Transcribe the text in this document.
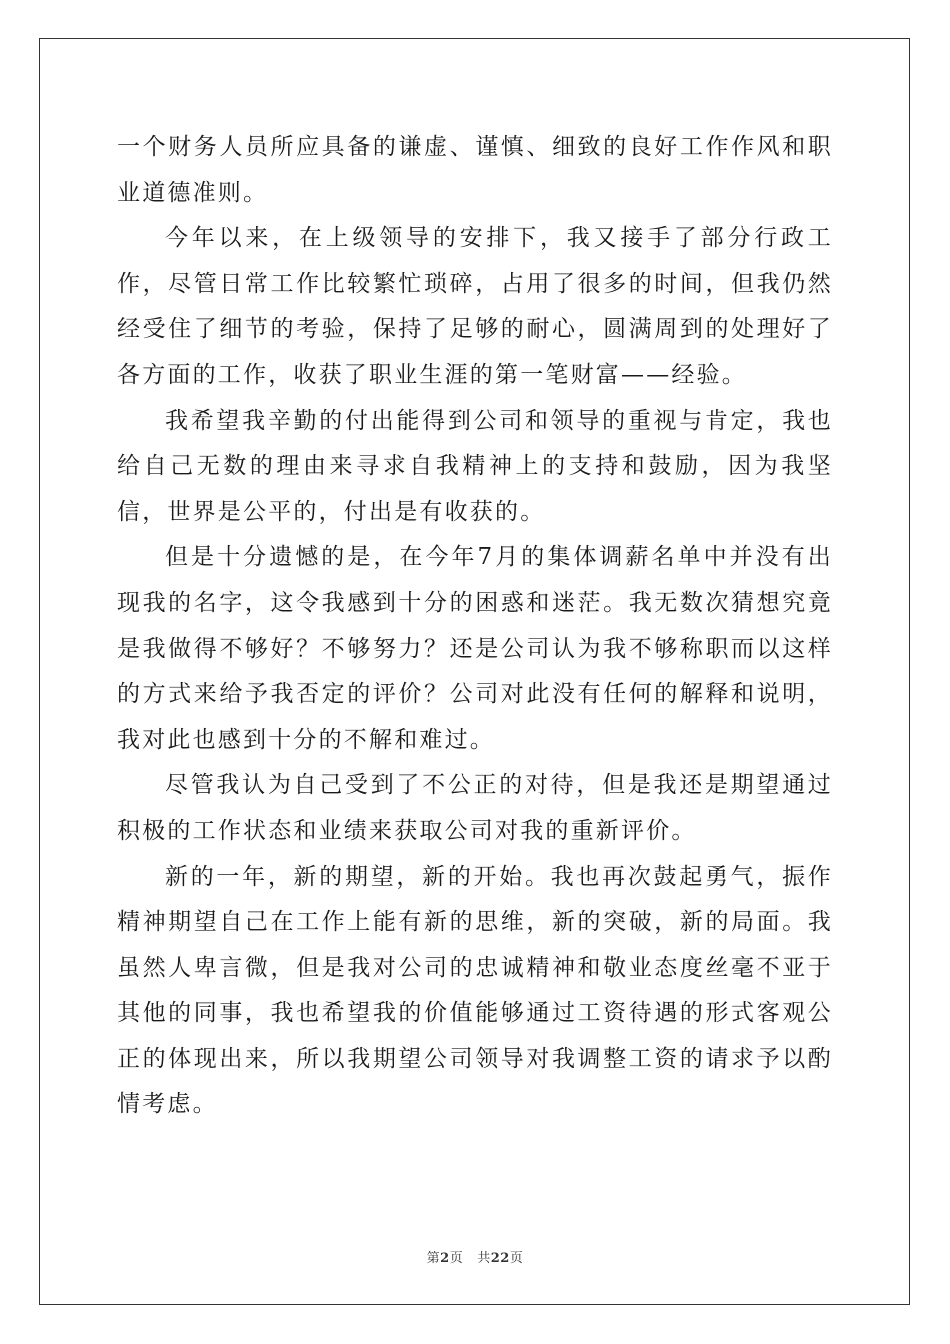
一个财务人员所应具备的谦虚、谨慎、细致的良好工作作风和职业道德准则。

今年以来，在上级领导的安排下，我又接手了部分行政工作，尽管日常工作比较繁忙琐碎，占用了很多的时间，但我仍然经受住了细节的考验，保持了足够的耐心，圆满周到的处理好了各方面的工作，收获了职业生涯的第一笔财富——经验。

我希望我辛勤的付出能得到公司和领导的重视与肯定，我也给自己无数的理由来寻求自我精神上的支持和鼓励，因为我坚信，世界是公平的，付出是有收获的。

但是十分遗憾的是，在今年7月的集体调薪名单中并没有出现我的名字，这令我感到十分的困惑和迷茫。我无数次猜想究竟是我做得不够好？不够努力？还是公司认为我不够称职而以这样的方式来给予我否定的评价？公司对此没有任何的解释和说明，我对此也感到十分的不解和难过。

尽管我认为自己受到了不公正的对待，但是我还是期望通过积极的工作状态和业绩来获取公司对我的重新评价。

新的一年，新的期望，新的开始。我也再次鼓起勇气，振作精神期望自己在工作上能有新的思维，新的突破，新的局面。我虽然人卑言微，但是我对公司的忠诚精神和敬业态度丝毫不亚于其他的同事，我也希望我的价值能够通过工资待遇的形式客观公正的体现出来，所以我期望公司领导对我调整工资的请求予以酌情考虑。

第2页 共22页
